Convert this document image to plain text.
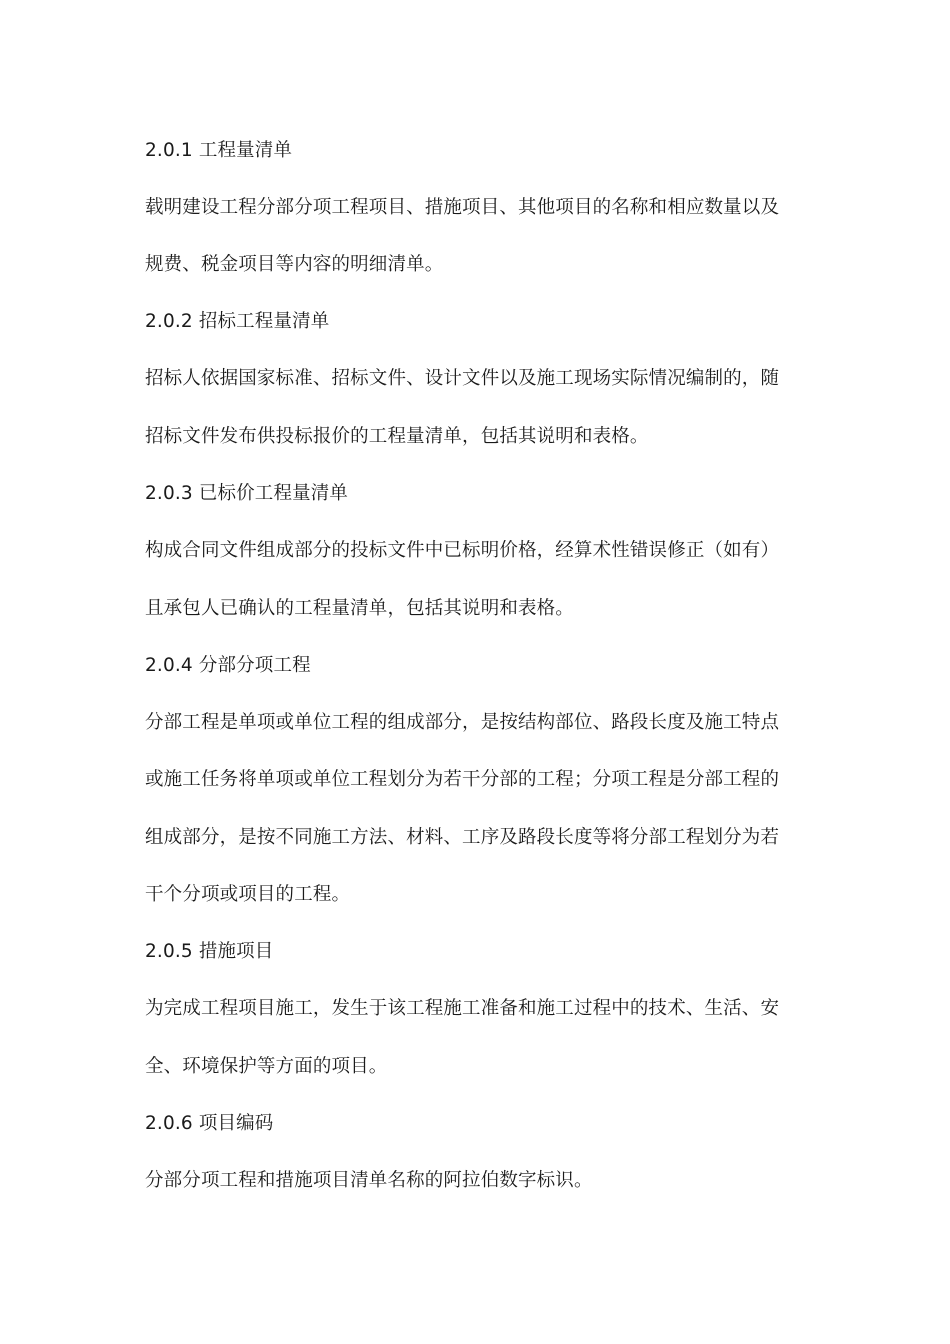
2.0.1 工程量清单
载明建设工程分部分项工程项目、措施项目、其他项目的名称和相应数量以及
规费、税金项目等内容的明细清单。
2.0.2 招标工程量清单
招标人依据国家标准、招标文件、设计文件以及施工现场实际情况编制的，随
招标文件发布供投标报价的工程量清单，包括其说明和表格。
2.0.3 已标价工程量清单
构成合同文件组成部分的投标文件中已标明价格，经算术性错误修正（如有）
且承包人已确认的工程量清单，包括其说明和表格。
2.0.4 分部分项工程
分部工程是单项或单位工程的组成部分，是按结构部位、路段长度及施工特点
或施工任务将单项或单位工程划分为若干分部的工程；分项工程是分部工程的
组成部分，是按不同施工方法、材料、工序及路段长度等将分部工程划分为若
干个分项或项目的工程。
2.0.5 措施项目
为完成工程项目施工，发生于该工程施工准备和施工过程中的技术、生活、安
全、环境保护等方面的项目。
2.0.6 项目编码
分部分项工程和措施项目清单名称的阿拉伯数字标识。
